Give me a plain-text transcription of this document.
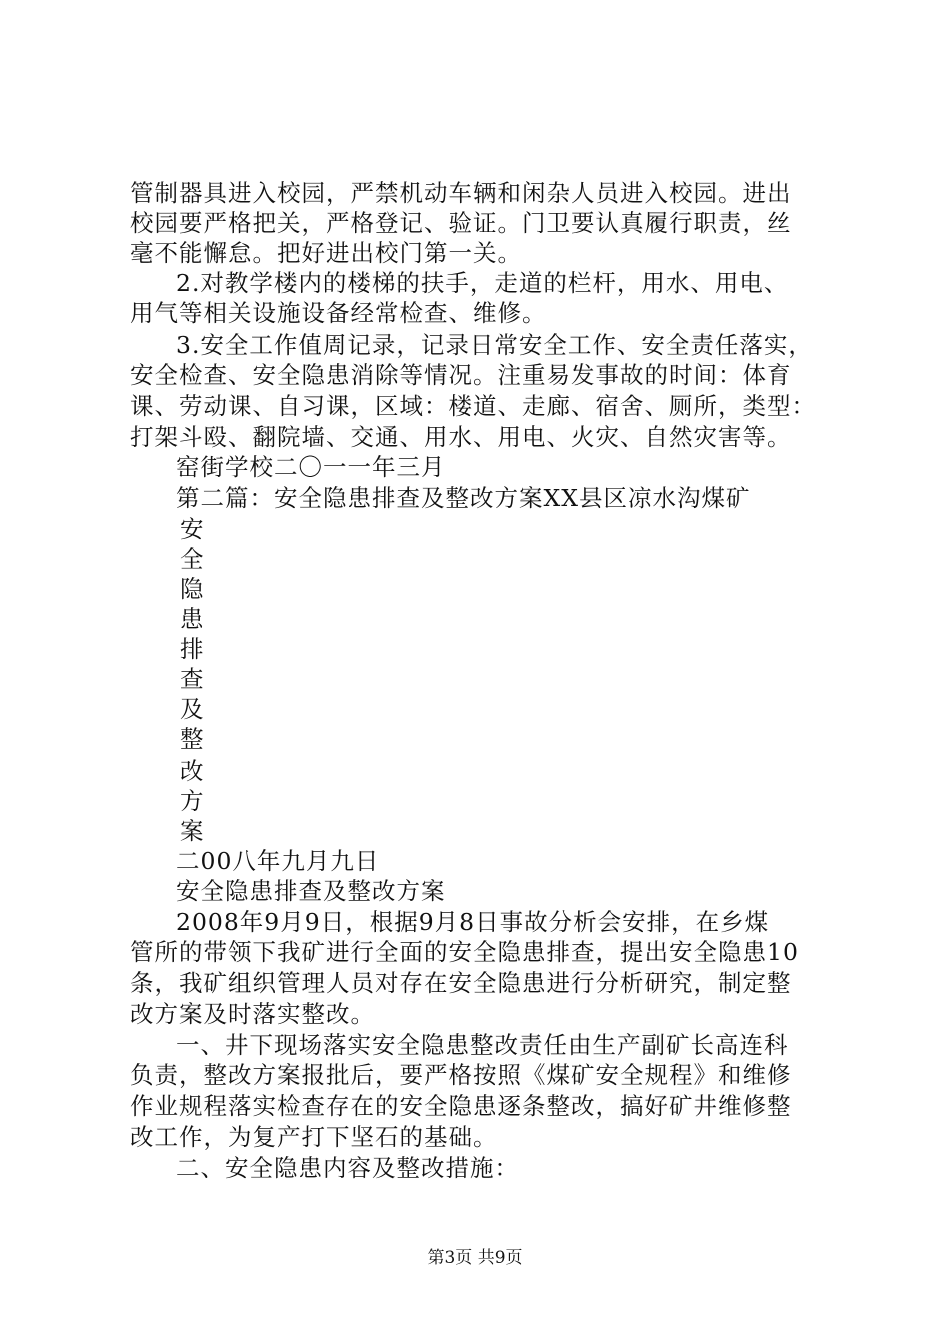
管制器具进入校园，严禁机动车辆和闲杂人员进入校园。进出
校园要严格把关，严格登记、验证。门卫要认真履行职责，丝
毫不能懈怠。把好进出校门第一关。
2.对教学楼内的楼梯的扶手，走道的栏杆，用水、用电、
用气等相关设施设备经常检查、维修。
3.安全工作值周记录，记录日常安全工作、安全责任落实，
安全检查、安全隐患消除等情况。注重易发事故的时间：体育
课、劳动课、自习课，区域：楼道、走廊、宿舍、厕所，类型：
打架斗殴、翻院墙、交通、用水、用电、火灾、自然灾害等。
窑街学校二〇一一年三月
第二篇：安全隐患排查及整改方案XX县区凉水沟煤矿
安
全
隐
患
排
查
及
整
改
方
案
二00八年九月九日
安全隐患排查及整改方案
2008年9月9日，根据9月8日事故分析会安排，在乡煤
管所的带领下我矿进行全面的安全隐患排查，提出安全隐患10
条，我矿组织管理人员对存在安全隐患进行分析研究，制定整
改方案及时落实整改。
一、井下现场落实安全隐患整改责任由生产副矿长高连科
负责，整改方案报批后，要严格按照《煤矿安全规程》和维修
作业规程落实检查存在的安全隐患逐条整改，搞好矿井维修整
改工作，为复产打下坚石的基础。
二、安全隐患内容及整改措施：
第3页 共9页
